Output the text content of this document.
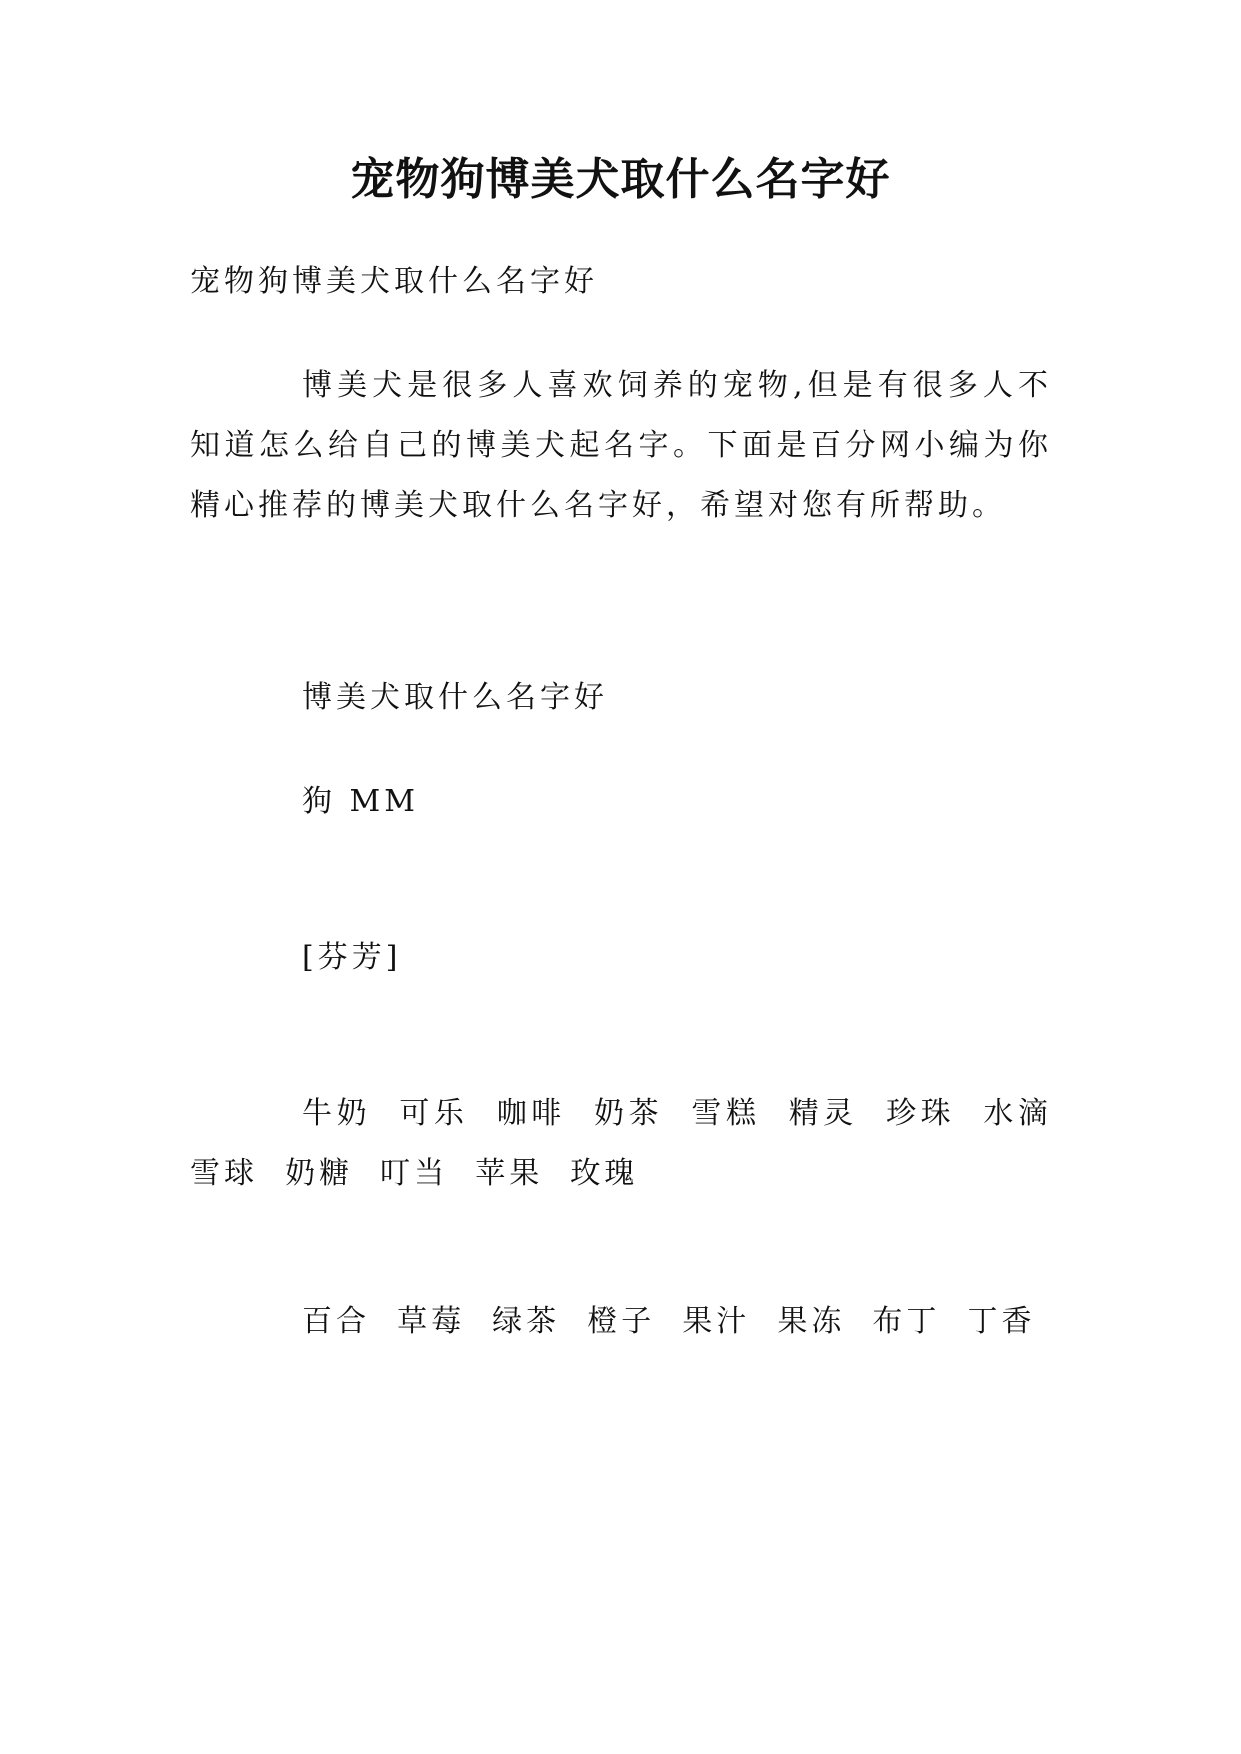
宠物狗博美犬取什么名字好

宠物狗博美犬取什么名字好

博美犬是很多人喜欢饲养的宠物,但是有很多人不知道怎么给自己的博美犬起名字。下面是百分网小编为你精心推荐的博美犬取什么名字好，希望对您有所帮助。

博美犬取什么名字好

狗 MM

[芬芳]

牛奶  可乐  咖啡  奶茶  雪糕  精灵  珍珠  水滴  雪球  奶糖  叮当  苹果  玫瑰

百合  草莓  绿茶  橙子  果汁  果冻  布丁  丁香
